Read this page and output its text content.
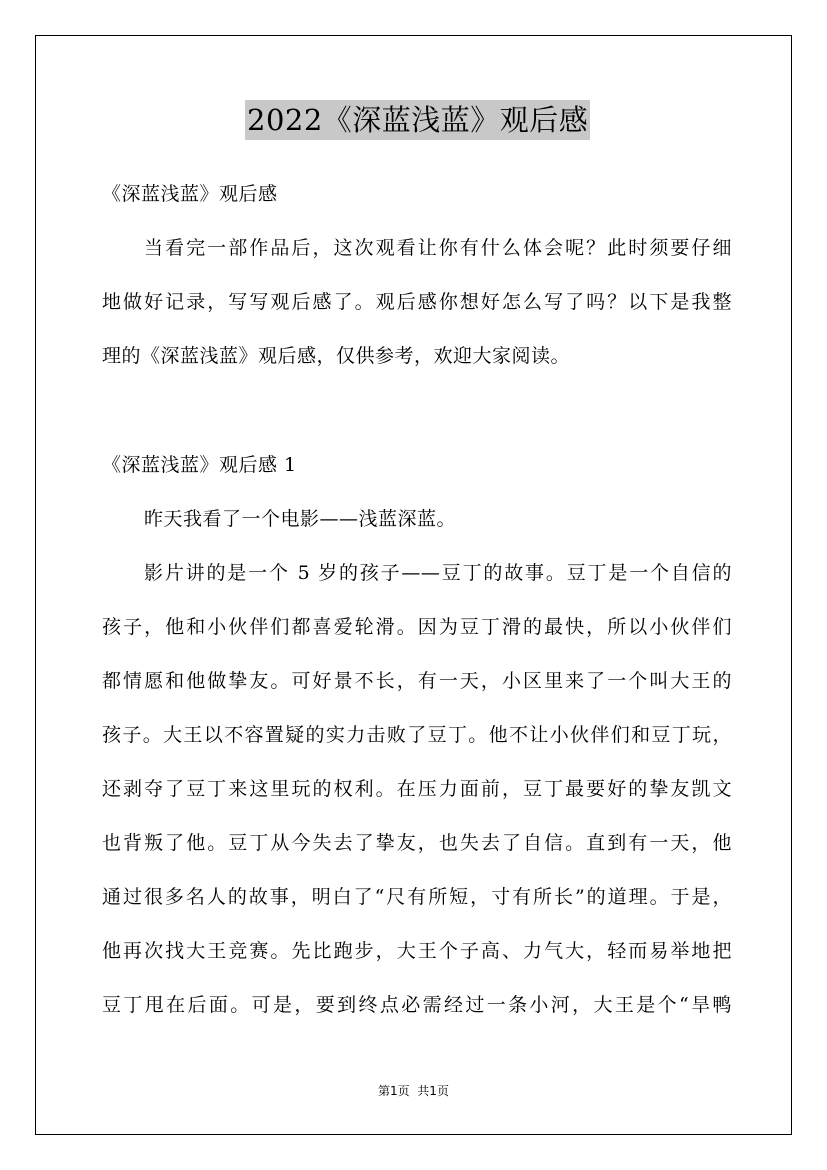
2022《深蓝浅蓝》观后感
《深蓝浅蓝》观后感
当看完一部作品后，这次观看让你有什么体会呢？此时须要仔细
地做好记录，写写观后感了。观后感你想好怎么写了吗？以下是我整
理的《深蓝浅蓝》观后感，仅供参考，欢迎大家阅读。
《深蓝浅蓝》观后感 1
昨天我看了一个电影——浅蓝深蓝。
影片讲的是一个 5 岁的孩子——豆丁的故事。豆丁是一个自信的
孩子，他和小伙伴们都喜爱轮滑。因为豆丁滑的最快，所以小伙伴们
都情愿和他做挚友。可好景不长，有一天，小区里来了一个叫大王的
孩子。大王以不容置疑的实力击败了豆丁。他不让小伙伴们和豆丁玩，
还剥夺了豆丁来这里玩的权利。在压力面前，豆丁最要好的挚友凯文
也背叛了他。豆丁从今失去了挚友，也失去了自信。直到有一天，他
通过很多名人的故事，明白了“尺有所短，寸有所长”的道理。于是，
他再次找大王竞赛。先比跑步，大王个子高、力气大，轻而易举地把
豆丁甩在后面。可是，要到终点必需经过一条小河，大王是个“旱鸭
第1页  共1页
